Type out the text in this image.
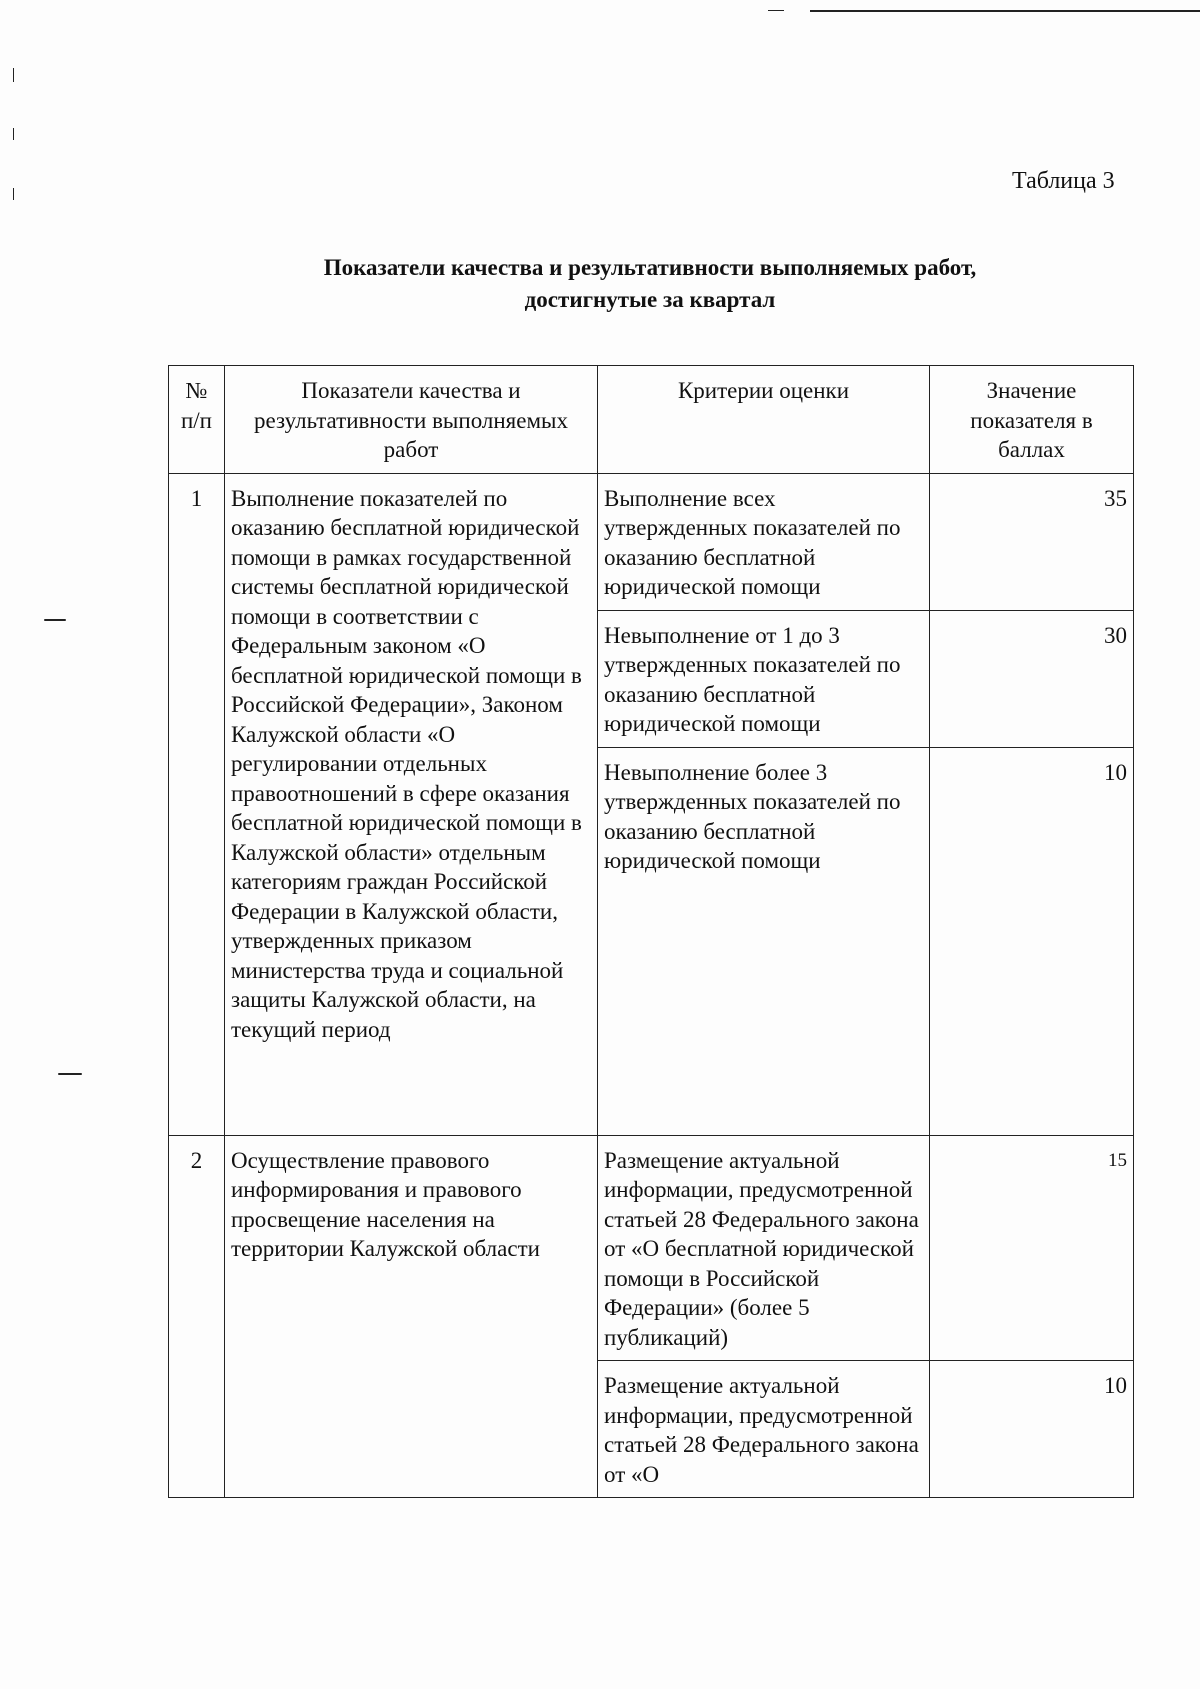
Таблица 3
Показатели качества и результативности выполняемых работ,
достигнутые за квартал
№ п/п	Показатели качества и результативности выполняемых работ	Критерии оценки	Значение показателя в баллах
1	Выполнение показателей по оказанию бесплатной юридической помощи в рамках государственной системы бесплатной юридической помощи в соответствии с Федеральным законом «О бесплатной юридической помощи в Российской Федерации», Законом Калужской области «О регулировании отдельных правоотношений в сфере оказания бесплатной юридической помощи в Калужской области» отдельным категориям граждан Российской Федерации в Калужской области, утвержденных приказом министерства труда и социальной защиты Калужской области, на текущий период	Выполнение всех утвержденных показателей по оказанию бесплатной юридической помощи	35
		Невыполнение от 1 до 3 утвержденных показателей по оказанию бесплатной юридической помощи	30
		Невыполнение более 3 утвержденных показателей по оказанию бесплатной юридической помощи	10
2	Осуществление правового информирования и правового просвещение населения на территории Калужской области	Размещение актуальной информации, предусмотренной статьей 28 Федерального закона от «О бесплатной юридической помощи в Российской Федерации» (более 5 публикаций)	15
		Размещение актуальной информации, предусмотренной статьей 28 Федерального закона от «О	10
